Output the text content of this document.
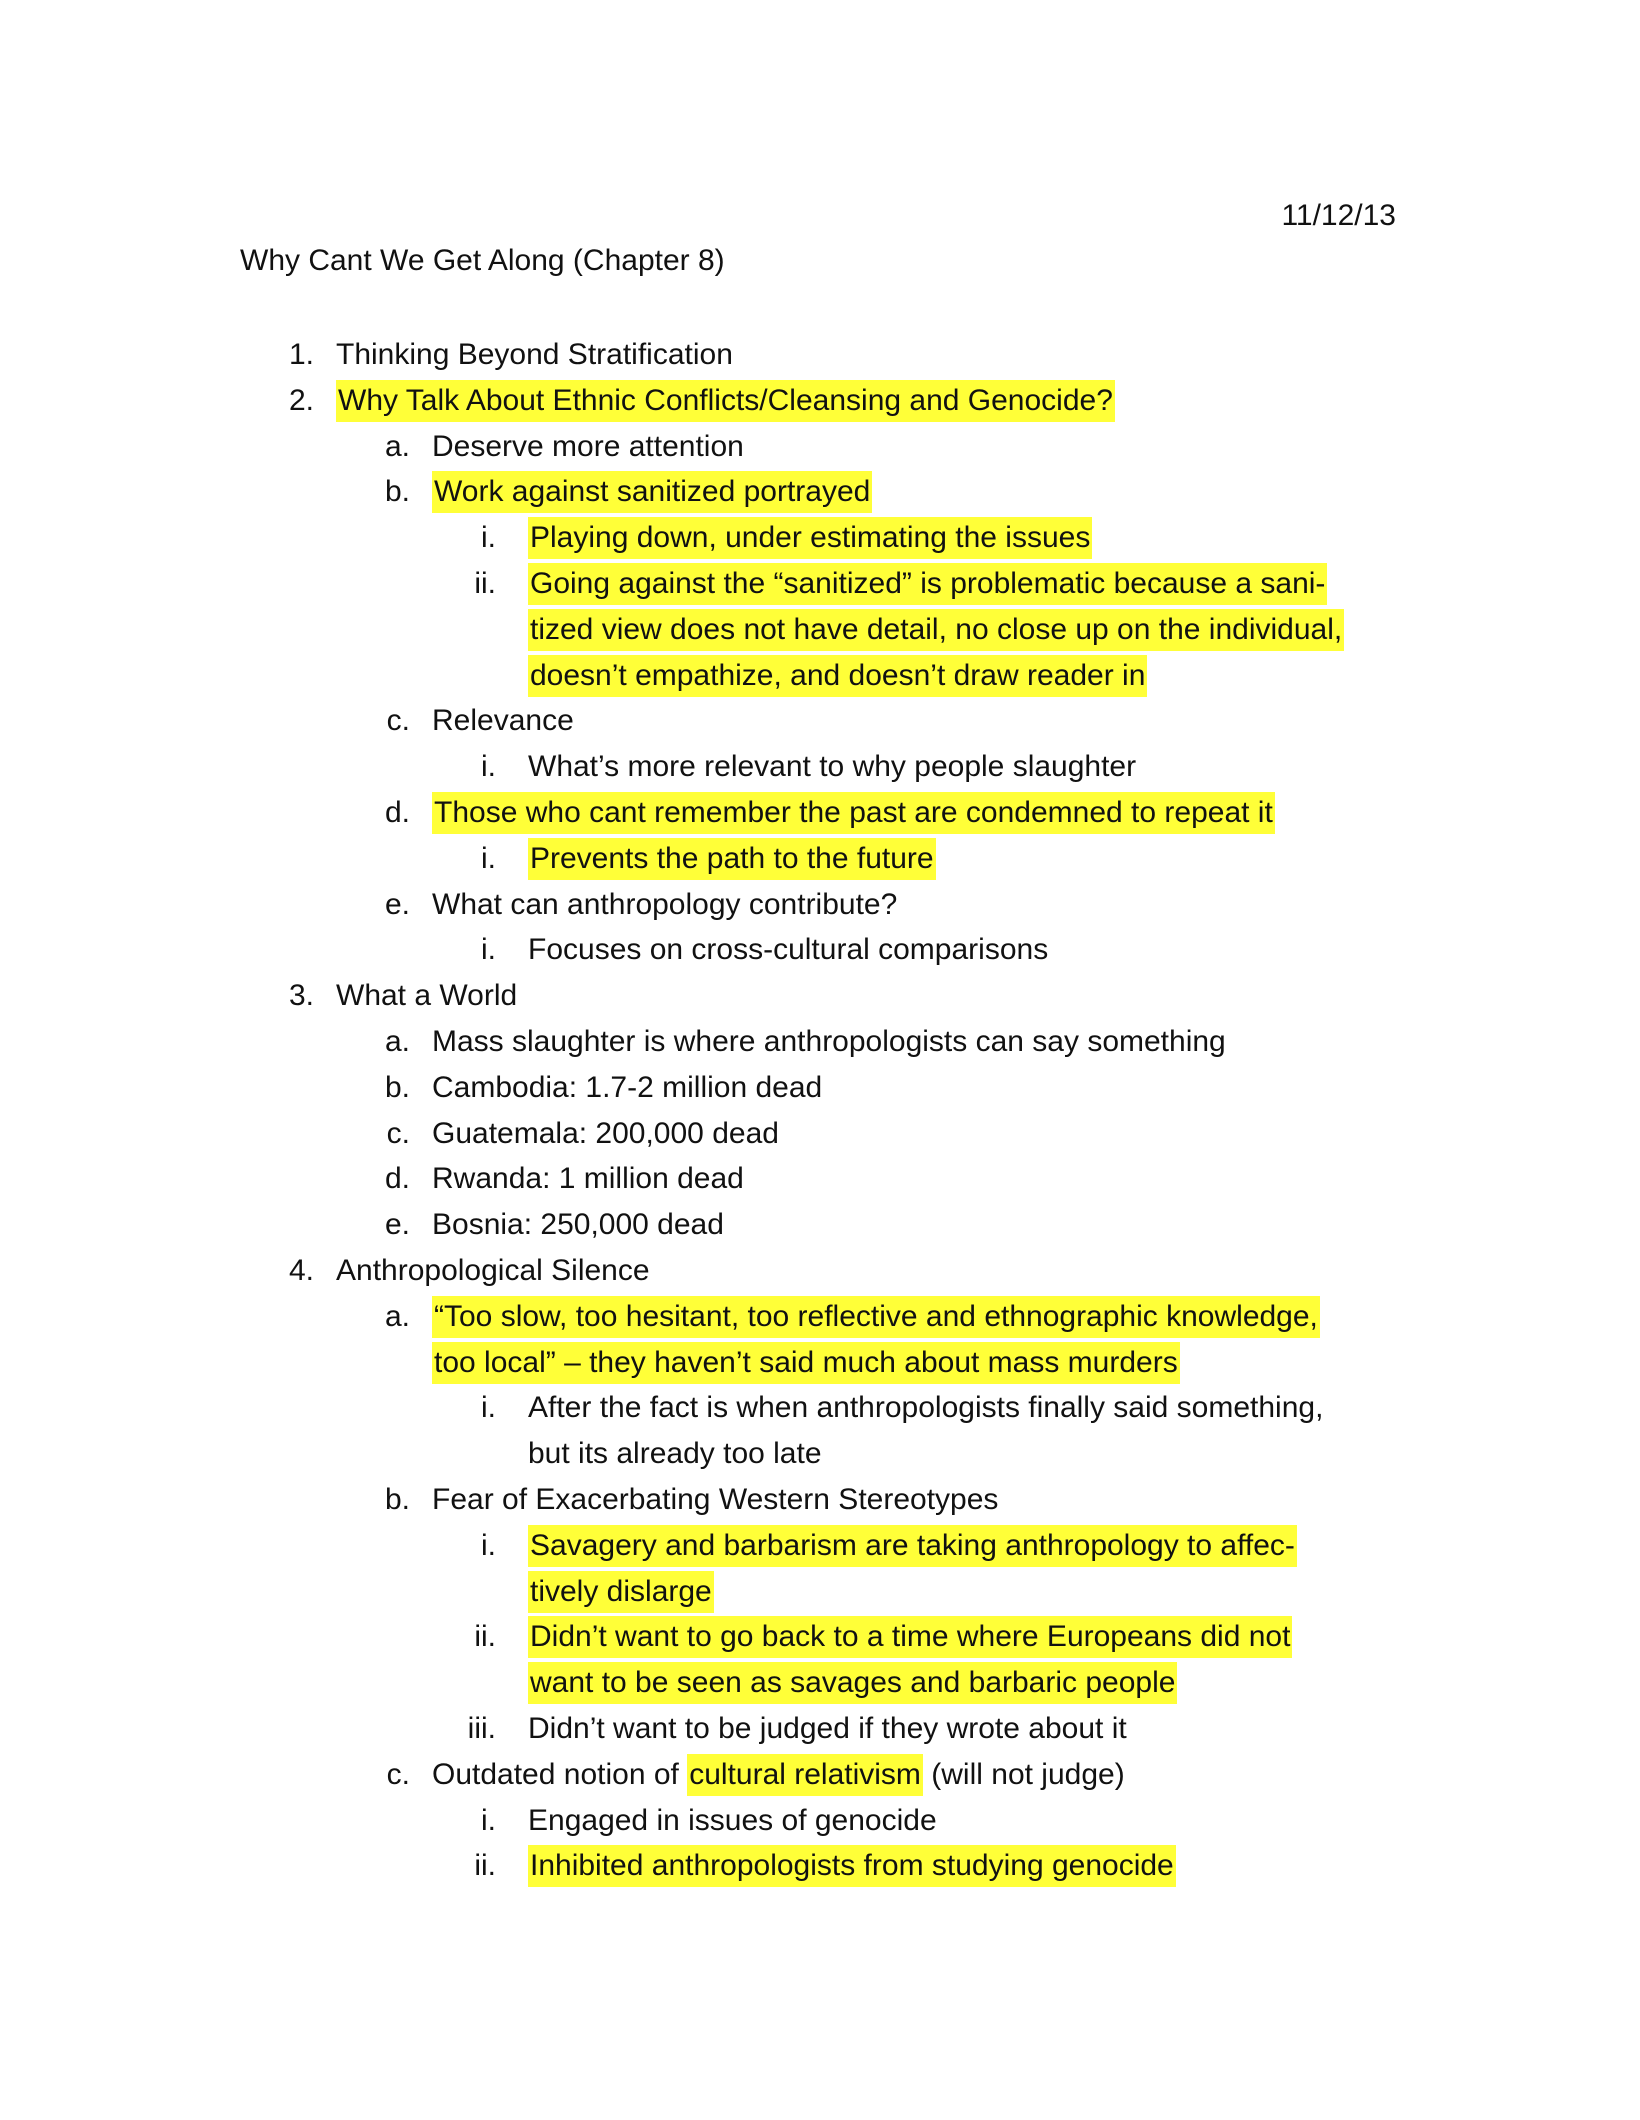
11/12/13
Why Cant We Get Along (Chapter 8)
1. Thinking Beyond Stratification
2. Why Talk About Ethnic Conflicts/Cleansing and Genocide?
a. Deserve more attention
b. Work against sanitized portrayed
i. Playing down, under estimating the issues
ii. Going against the “sanitized” is problematic because a sani-
tized view does not have detail, no close up on the individual,
doesn’t empathize, and doesn’t draw reader in
c. Relevance
i. What’s more relevant to why people slaughter
d. Those who cant remember the past are condemned to repeat it
i. Prevents the path to the future
e. What can anthropology contribute?
i. Focuses on cross-cultural comparisons
3. What a World
a. Mass slaughter is where anthropologists can say something
b. Cambodia: 1.7-2 million dead
c. Guatemala: 200,000 dead
d. Rwanda: 1 million dead
e. Bosnia: 250,000 dead
4. Anthropological Silence
a. “Too slow, too hesitant, too reflective and ethnographic knowledge,
too local” – they haven’t said much about mass murders
i. After the fact is when anthropologists finally said something,
but its already too late
b. Fear of Exacerbating Western Stereotypes
i. Savagery and barbarism are taking anthropology to affec-
tively dislarge
ii. Didn’t want to go back to a time where Europeans did not
want to be seen as savages and barbaric people
iii. Didn’t want to be judged if they wrote about it
c. Outdated notion of cultural relativism (will not judge)
i. Engaged in issues of genocide
ii. Inhibited anthropologists from studying genocide
